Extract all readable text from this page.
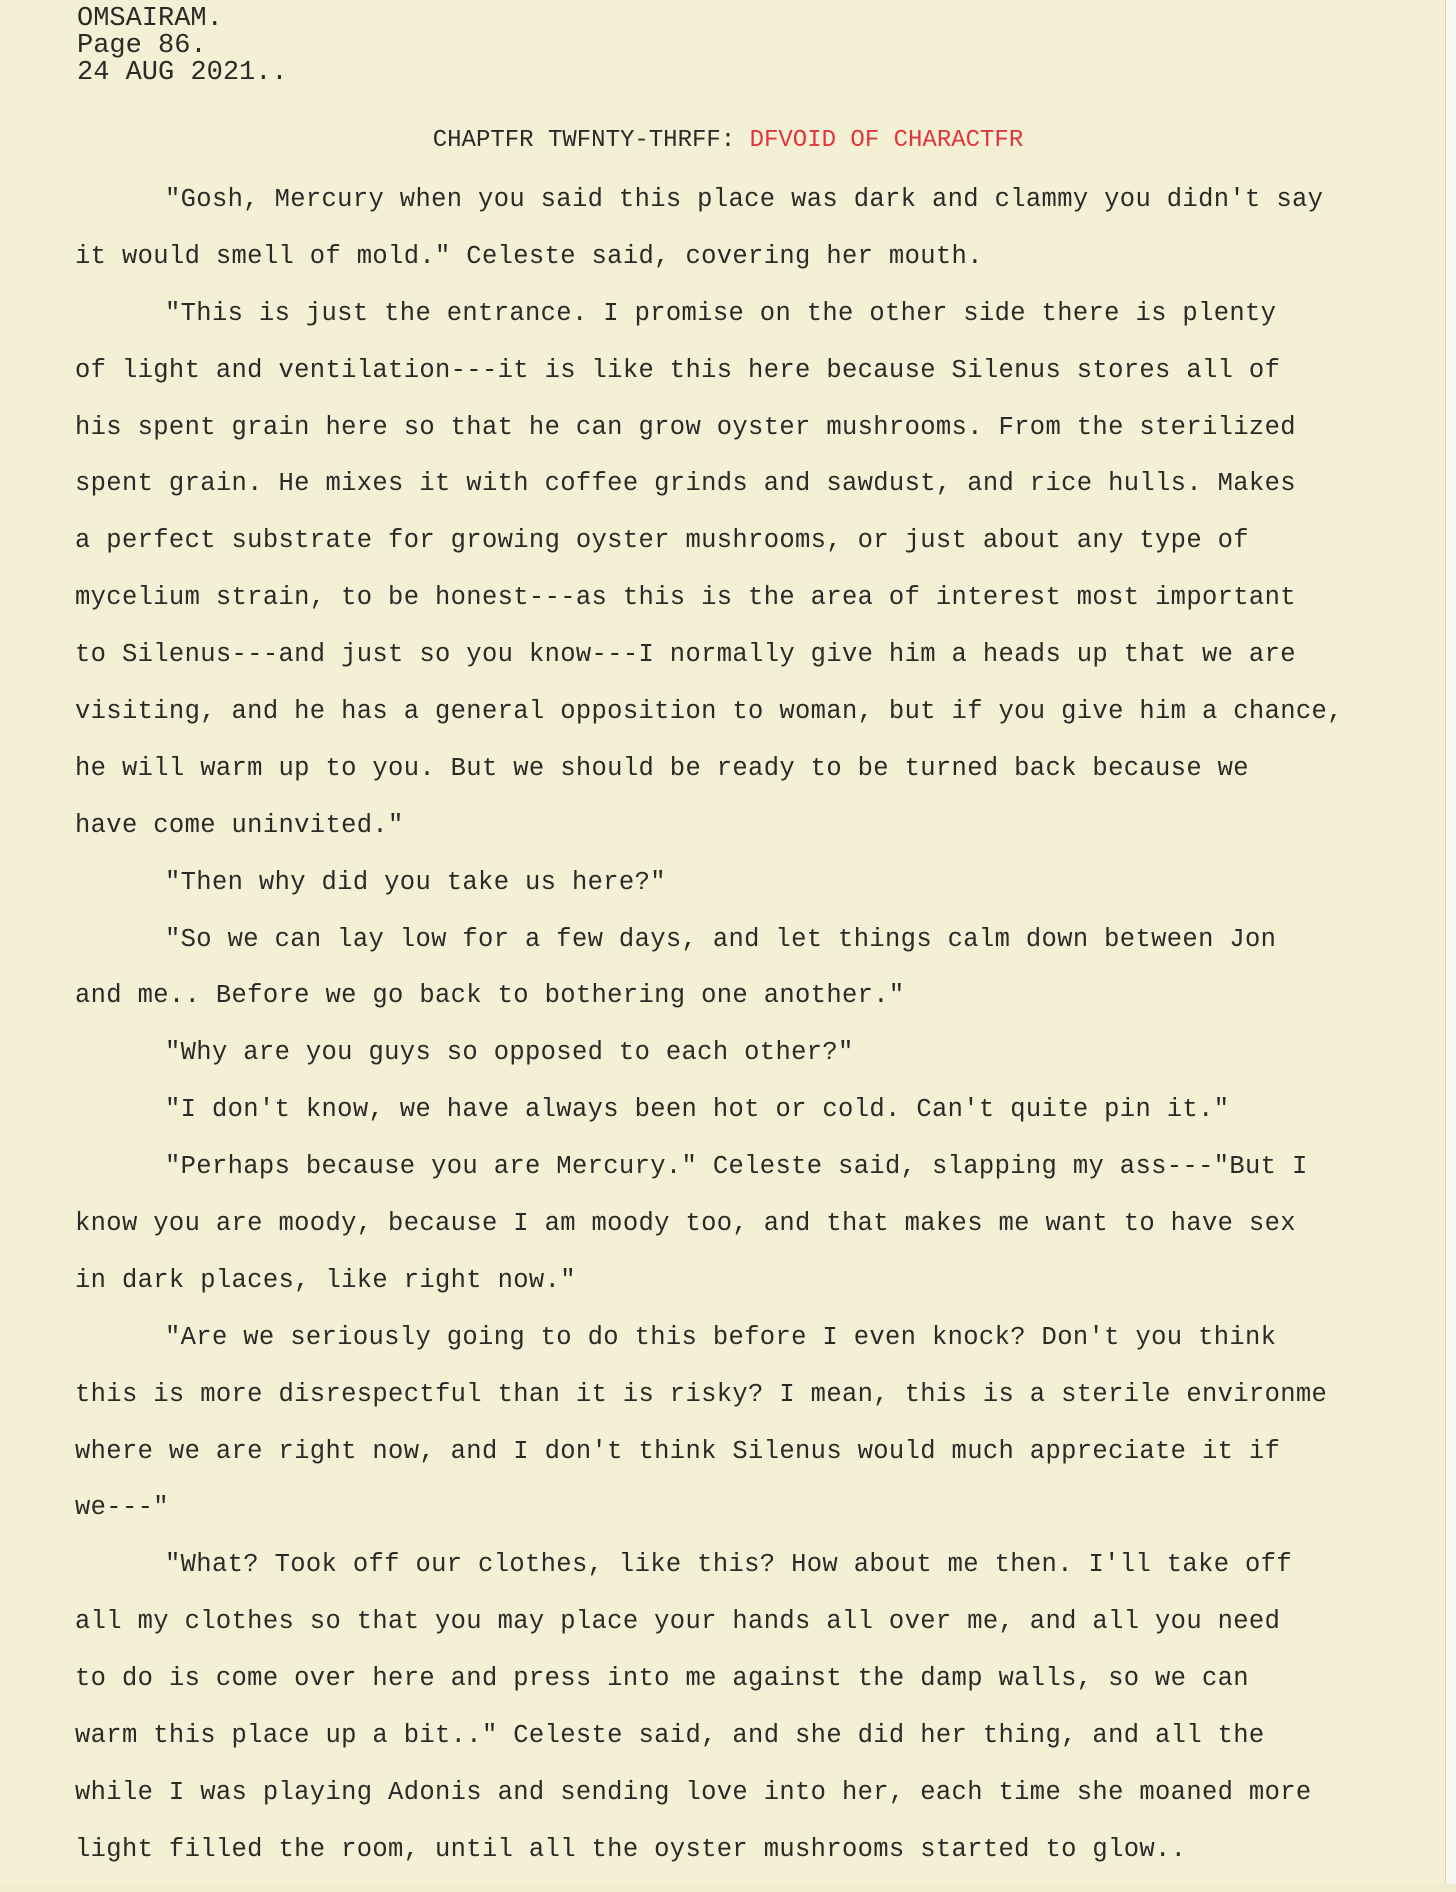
OMSAIRAM.
Page 86.
24 AUG 2021..
CHAPTFR TWFNTY-THRFF: DFVOID OF CHARACTFR
"Gosh, Mercury when you said this place was dark and clammy you didn't say
it would smell of mold." Celeste said, covering her mouth.
"This is just the entrance. I promise on the other side there is plenty
of light and ventilation---it is like this here because Silenus stores all of
his spent grain here so that he can grow oyster mushrooms. From the sterilized
spent grain. He mixes it with coffee grinds and sawdust, and rice hulls. Makes
a perfect substrate for growing oyster mushrooms, or just about any type of
mycelium strain, to be honest---as this is the area of interest most important
to Silenus---and just so you know---I normally give him a heads up that we are
visiting, and he has a general opposition to woman, but if you give him a chance,
he will warm up to you. But we should be ready to be turned back because we
have come uninvited."
"Then why did you take us here?"
"So we can lay low for a few days, and let things calm down between Jon
and me.. Before we go back to bothering one another."
"Why are you guys so opposed to each other?"
"I don't know, we have always been hot or cold. Can't quite pin it."
"Perhaps because you are Mercury." Celeste said, slapping my ass---"But I
know you are moody, because I am moody too, and that makes me want to have sex
in dark places, like right now."
"Are we seriously going to do this before I even knock? Don't you think
this is more disrespectful than it is risky? I mean, this is a sterile environme
where we are right now, and I don't think Silenus would much appreciate it if
we---"
"What? Took off our clothes, like this? How about me then. I'll take off
all my clothes so that you may place your hands all over me, and all you need
to do is come over here and press into me against the damp walls, so we can
warm this place up a bit.." Celeste said, and she did her thing, and all the
while I was playing Adonis and sending love into her, each time she moaned more
light filled the room, until all the oyster mushrooms started to glow..
